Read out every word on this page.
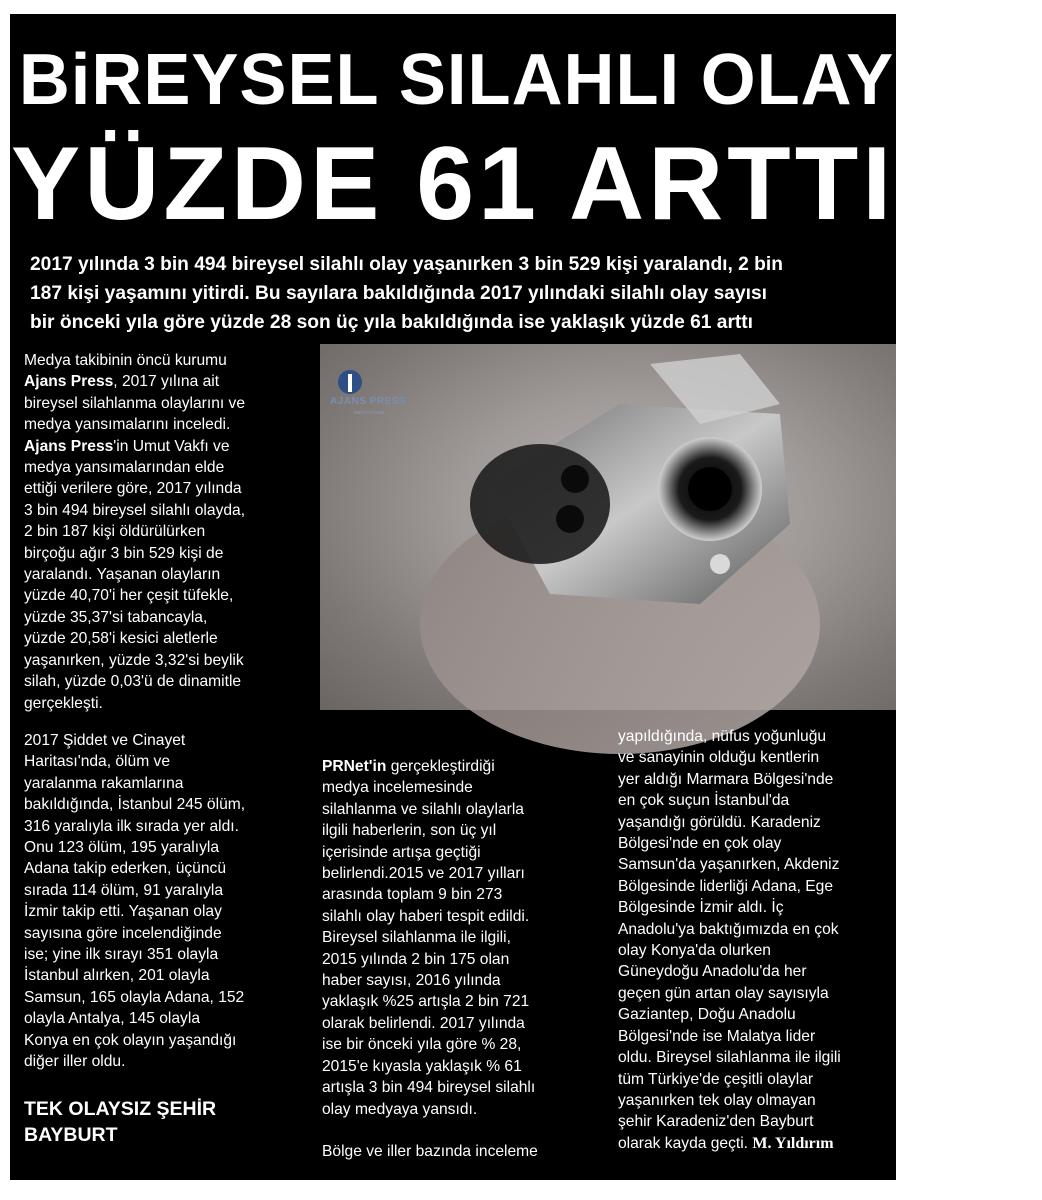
BiREYSEL SILAHLI OLAYLAR
YÜZDE 61 ARTTI
2017 yılında 3 bin 494 bireysel silahlı olay yaşanırken 3 bin 529 kişi yaralandı, 2 bin
187 kişi yaşamını yitirdi. Bu sayılara bakıldığında 2017 yılındaki silahlı olay sayısı
bir önceki yıla göre yüzde 28 son üç yıla bakıldığında ise yaklaşık yüzde 61 arttı
Medya takibinin öncü kurumu
Ajans Press, 2017 yılına ait
bireysel silahlanma olaylarını ve
medya yansımalarını inceledi.
Ajans Press'in Umut Vakfı ve
medya yansımalarından elde
ettiği verilere göre, 2017 yılında
3 bin 494 bireysel silahlı olayda,
2 bin 187 kişi öldürülürken
birçoğu ağır 3 bin 529 kişi de
yaralandı. Yaşanan olayların
yüzde 40,70'i her çeşit tüfekle,
yüzde 35,37'si tabancayla,
yüzde 20,58'i kesici aletlerle
yaşanırken, yüzde 3,32'si beylik
silah, yüzde 0,03'ü de dinamitle
gerçekleşti.
2017 Şiddet ve Cinayet
Haritası'nda, ölüm ve
yaralanma rakamlarına
bakıldığında, İstanbul 245 ölüm,
316 yaralıyla ilk sırada yer aldı.
Onu 123 ölüm, 195 yaralıyla
Adana takip ederken, üçüncü
sırada 114 ölüm, 91 yaralıyla
İzmir takip etti. Yaşanan olay
sayısına göre incelendiğinde
ise; yine ilk sırayı 351 olayla
İstanbul alırken, 201 olayla
Samsun, 165 olayla Adana, 152
olayla Antalya, 145 olayla
Konya en çok olayın yaşandığı
diğer iller oldu.
TEK OLAYSIZ ŞEHİR
BAYBURT
AJANS PRESS
MEDYA TAKİBİ
PRNet'in gerçekleştirdiği
medya incelemesinde
silahlanma ve silahlı olaylarla
ilgili haberlerin, son üç yıl
içerisinde artışa geçtiği
belirlendi.2015 ve 2017 yılları
arasında toplam 9 bin 273
silahlı olay haberi tespit edildi.
Bireysel silahlanma ile ilgili,
2015 yılında 2 bin 175 olan
haber sayısı, 2016 yılında
yaklaşık %25 artışla 2 bin 721
olarak belirlendi. 2017 yılında
ise bir önceki yıla göre % 28,
2015'e kıyasla yaklaşık % 61
artışla 3 bin 494 bireysel silahlı
olay medyaya yansıdı.

Bölge ve iller bazında inceleme
yapıldığında, nüfus yoğunluğu
ve sanayinin olduğu kentlerin
yer aldığı Marmara Bölgesi'nde
en çok suçun İstanbul'da
yaşandığı görüldü. Karadeniz
Bölgesi'nde en çok olay
Samsun'da yaşanırken, Akdeniz
Bölgesinde liderliği Adana, Ege
Bölgesinde İzmir aldı. İç
Anadolu'ya baktığımızda en çok
olay Konya'da olurken
Güneydoğu Anadolu'da her
geçen gün artan olay sayısıyla
Gaziantep, Doğu Anadolu
Bölgesi'nde ise Malatya lider
oldu. Bireysel silahlanma ile ilgili
tüm Türkiye'de çeşitli olaylar
yaşanırken tek olay olmayan
şehir Karadeniz'den Bayburt
olarak kayda geçti. M. Yıldırım
